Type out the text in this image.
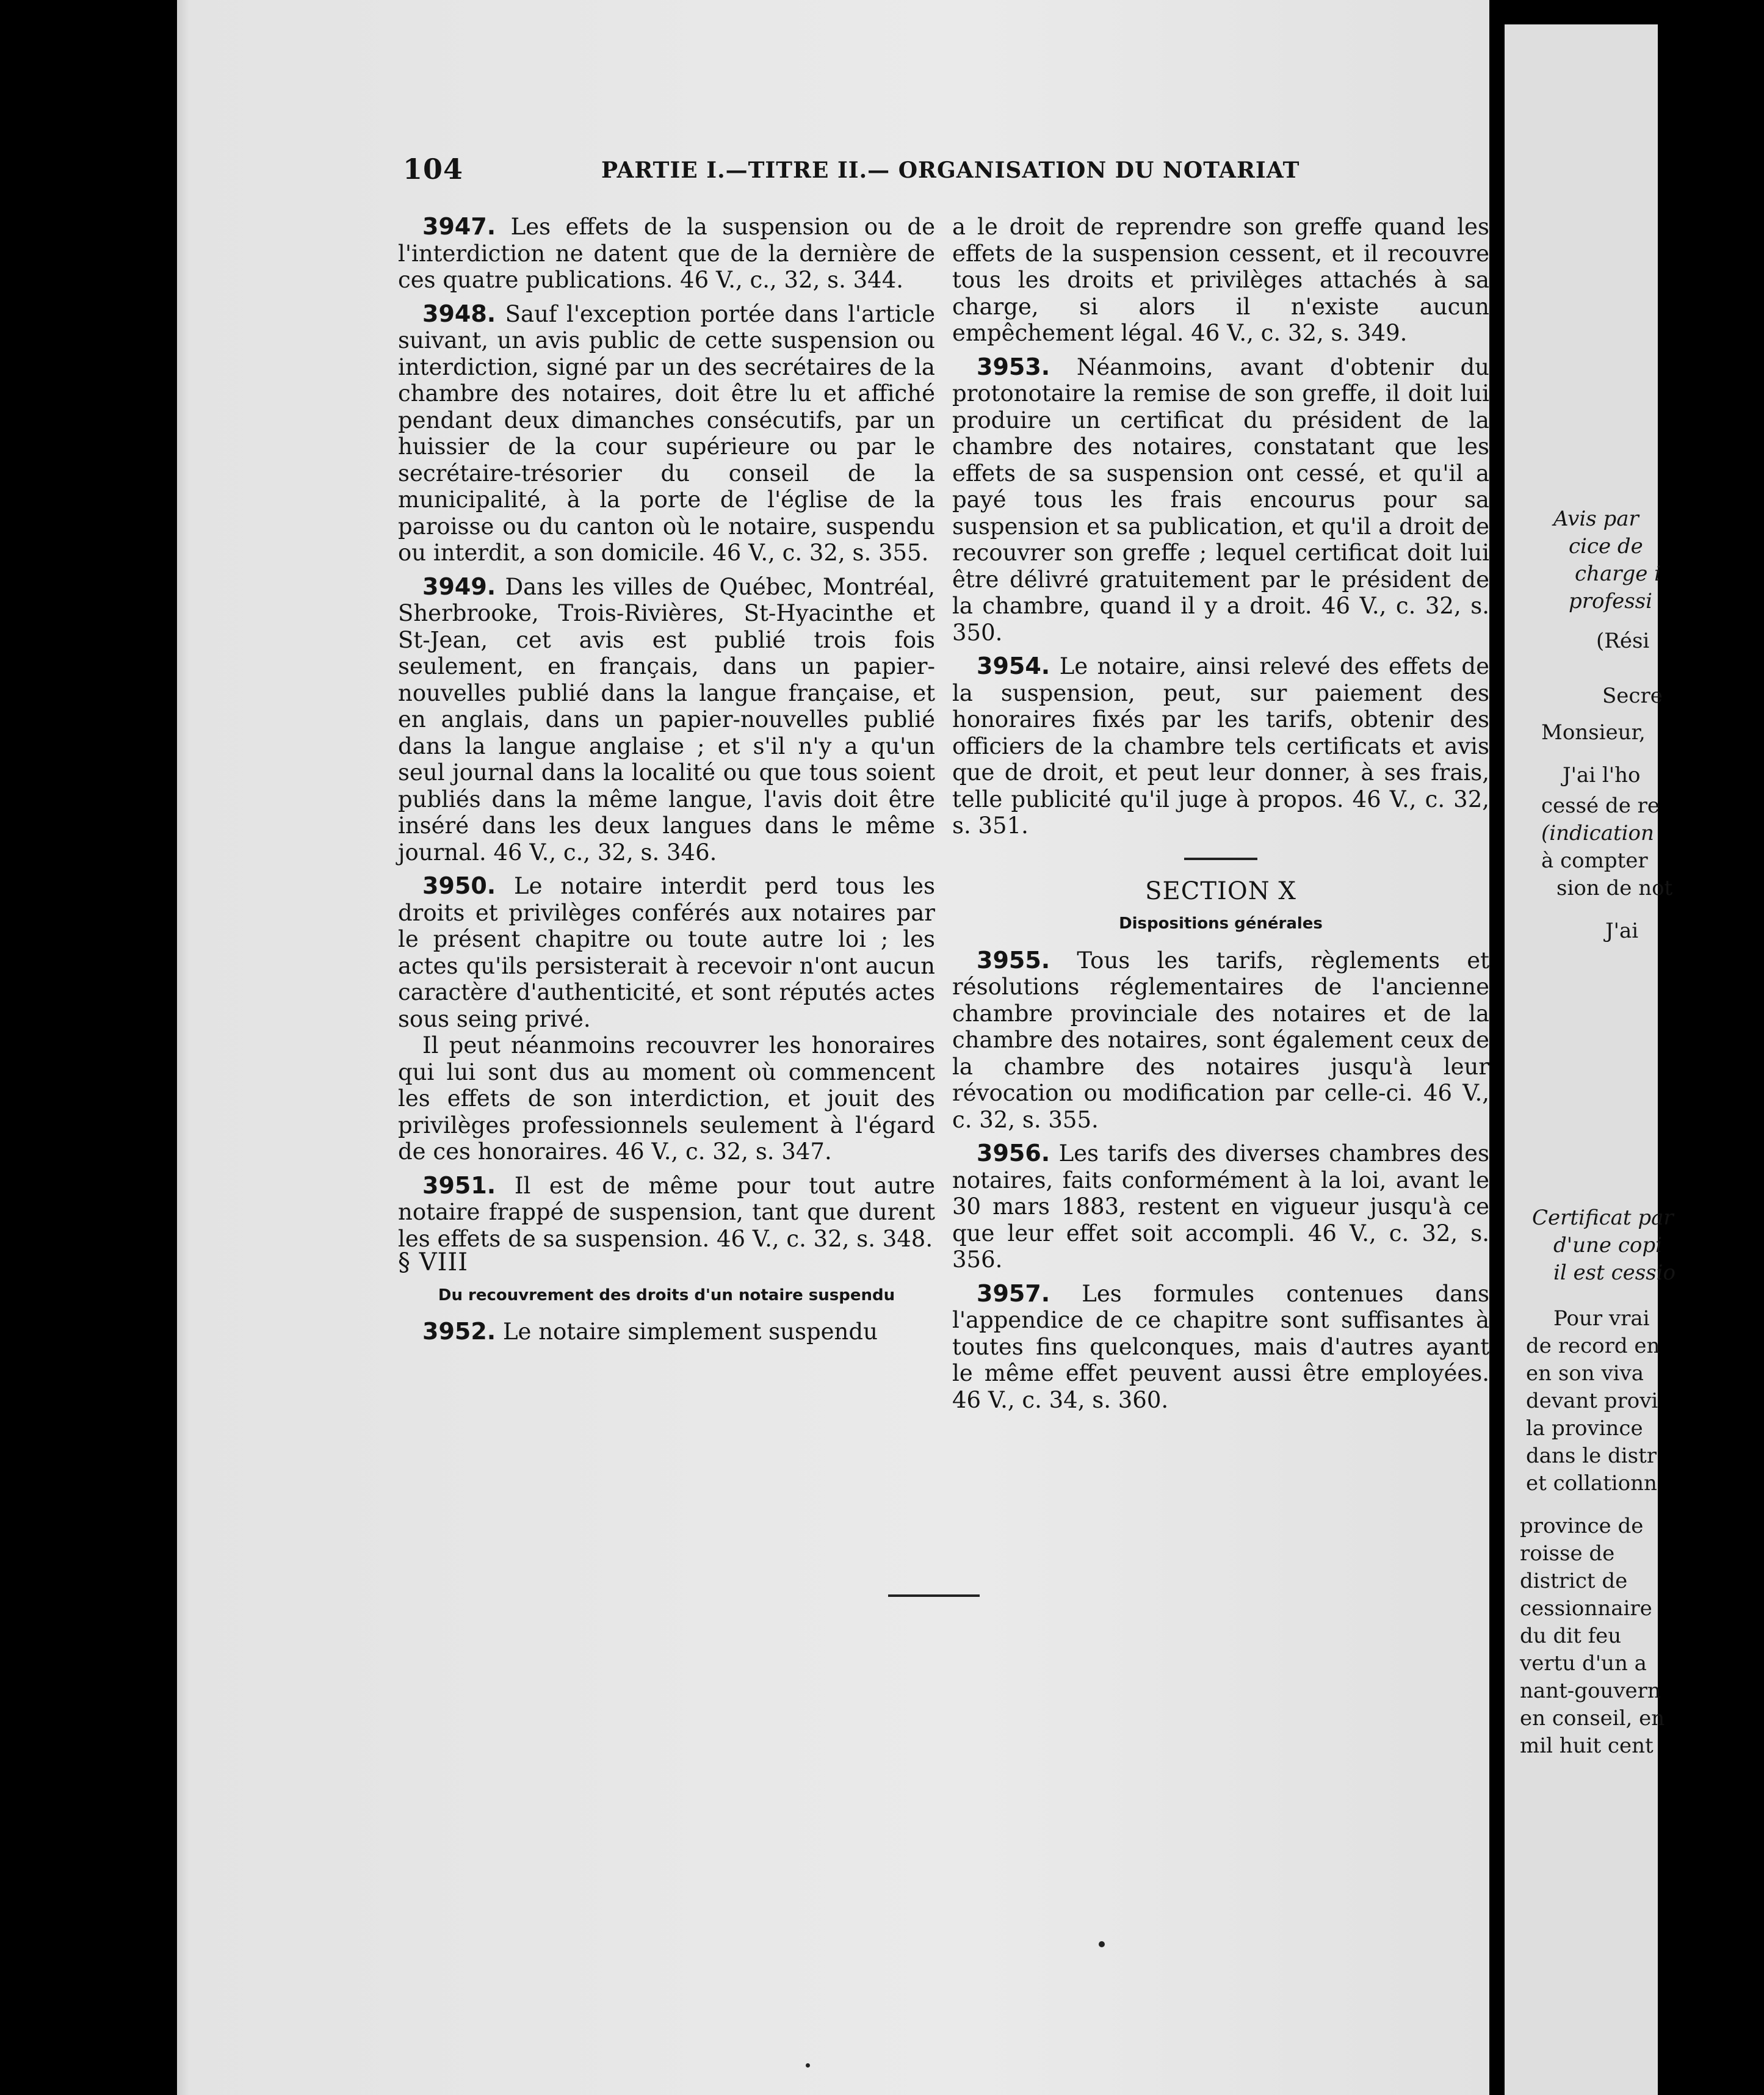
104	PARTIE I.—TITRE II.— ORGANISATION DU NOTARIAT

3947. Les effets de la suspension ou de l'interdiction ne datent que de la dernière de ces quatre publications. 46 V., c., 32, s. 344.

3948. Sauf l'exception portée dans l'article suivant, un avis public de cette suspension ou interdiction, signé par un des secrétaires de la chambre des notaires, doit être lu et affiché pendant deux dimanches consécutifs, par un huissier de la cour supérieure ou par le secrétaire-trésorier du conseil de la municipalité, à la porte de l'église de la paroisse ou du canton où le notaire, suspendu ou interdit, a son domicile. 46 V., c. 32, s. 355.

3949. Dans les villes de Québec, Montréal, Sherbrooke, Trois-Rivières, St-Hyacinthe et St-Jean, cet avis est publié trois fois seulement, en français, dans un papier-nouvelles publié dans la langue française, et en anglais, dans un papier-nouvelles publié dans la langue anglaise ; et s'il n'y a qu'un seul journal dans la localité ou que tous soient publiés dans la même langue, l'avis doit être inséré dans les deux langues dans le même journal. 46 V., c., 32, s. 346.

3950. Le notaire interdit perd tous les droits et privilèges conférés aux notaires par le présent chapitre ou toute autre loi ; les actes qu'ils persisterait à recevoir n'ont aucun caractère d'authenticité, et sont réputés actes sous seing privé.

Il peut néanmoins recouvrer les honoraires qui lui sont dus au moment où commencent les effets de son interdiction, et jouit des privilèges professionnels seulement à l'égard de ces honoraires. 46 V., c. 32, s. 347.

3951. Il est de même pour tout autre notaire frappé de suspension, tant que durent les effets de sa suspension. 46 V., c. 32, s. 348.

§ VIII

Du recouvrement des droits d'un notaire suspendu

3952. Le notaire simplement suspendu

a le droit de reprendre son greffe quand les effets de la suspension cessent, et il recouvre tous les droits et privilèges attachés à sa charge, si alors il n'existe aucun empêchement légal. 46 V., c. 32, s. 349.

3953. Néanmoins, avant d'obtenir du protonotaire la remise de son greffe, il doit lui produire un certificat du président de la chambre des notaires, constatant que les effets de sa suspension ont cessé, et qu'il a payé tous les frais encourus pour sa suspension et sa publication, et qu'il a droit de recouvrer son greffe ; lequel certificat doit lui être délivré gratuitement par le président de la chambre, quand il y a droit. 46 V., c. 32, s. 350.

3954. Le notaire, ainsi relevé des effets de la suspension, peut, sur paiement des honoraires fixés par les tarifs, obtenir des officiers de la chambre tels certificats et avis que de droit, et peut leur donner, à ses frais, telle publicité qu'il juge à propos. 46 V., c. 32, s. 351.

SECTION X

Dispositions générales

3955. Tous les tarifs, règlements et résolutions réglementaires de l'ancienne chambre provinciale des notaires et de la chambre des notaires, sont également ceux de la chambre des notaires jusqu'à leur révocation ou modification par celle-ci. 46 V., c. 32, s. 355.

3956. Les tarifs des diverses chambres des notaires, faits conformément à la loi, avant le 30 mars 1883, restent en vigueur jusqu'à ce que leur effet soit accompli. 46 V., c. 32, s. 356.

3957. Les formules contenues dans l'appendice de ce chapitre sont suffisantes à toutes fins quelconques, mais d'autres ayant le même effet peuvent aussi être employées. 46 V., c. 34, s. 360.

Avis par
cice de
charge i
professi
(Rési
Secre
Monsieur,
J'ai l'ho
cessé de re
(indication
à compter
sion de not
J'ai
Certificat par
d'une copi
il est cessio
Pour vrai
de record en
en son viva
devant provi
la province
dans le distr
et collationn
province de
roisse de
district de
cessionnaire
du dit feu
vertu d'un a
nant-gouvern
en conseil, en
mil huit cent
